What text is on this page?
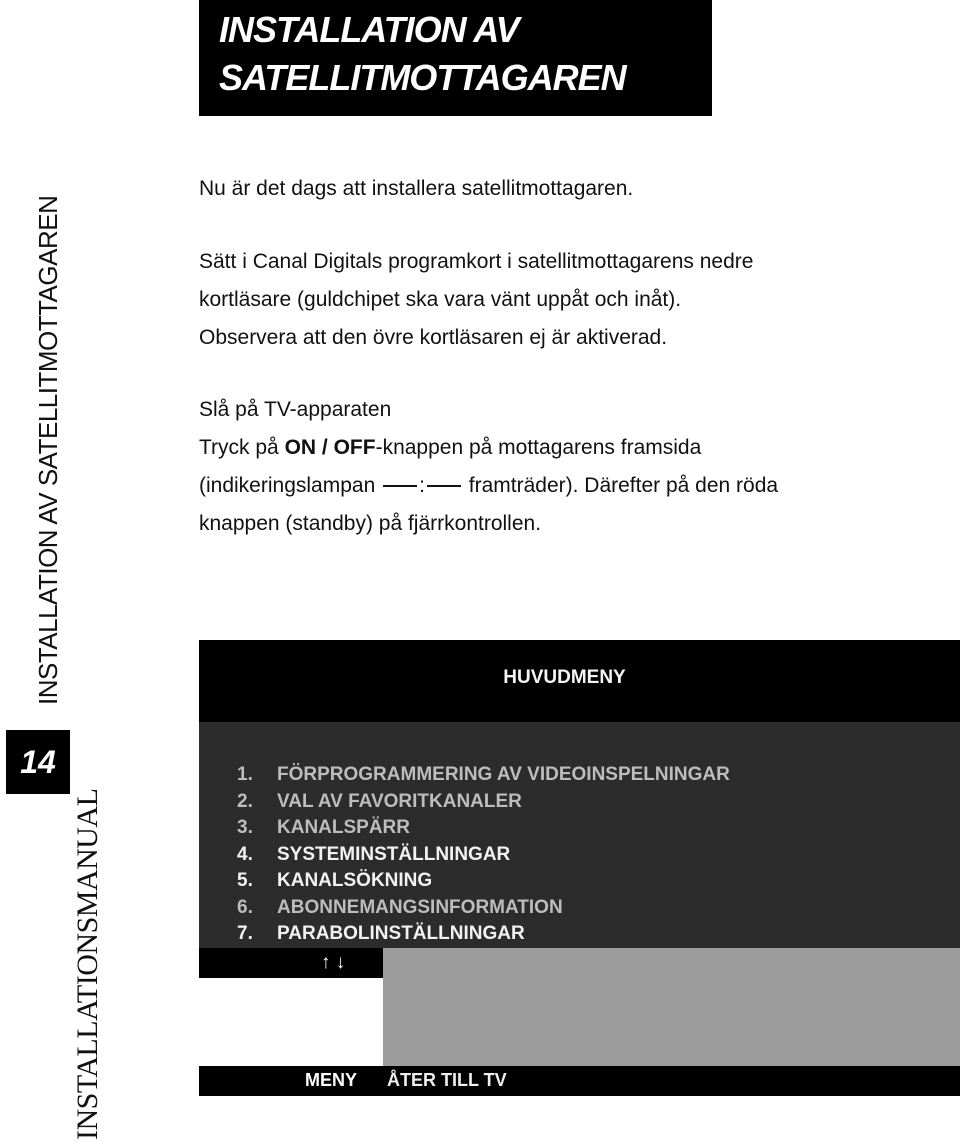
INSTALLATION AV
SATELLITMOTTAGAREN
INSTALLATION AV SATELLITMOTTAGAREN
14
INSTALLATIONSMANUAL

Nu är det dags att installera satellitmottagaren.

Sätt i Canal Digitals programkort i satellitmottagarens nedre

kortläsare (guldchipet ska vara vänt uppåt och inåt).

Observera att den övre kortläsaren ej är aktiverad.

Slå på TV-apparaten

Tryck på ON / OFF-knappen på mottagarens framsida

(indikeringslampan : framträder). Därefter på den röda

knappen (standby) på fjärrkontrollen.

HUVUDMENY
1. FÖRPROGRAMMERING AV VIDEOINSPELNINGAR
2. VAL AV FAVORITKANALER
3. KANALSPÄRR
4. SYSTEMINSTÄLLNINGAR
5. KANALSÖKNING
6. ABONNEMANGSINFORMATION
7. PARABOLINSTÄLLNINGAR
↑ ↓
MENY ÅTER TILL TV
